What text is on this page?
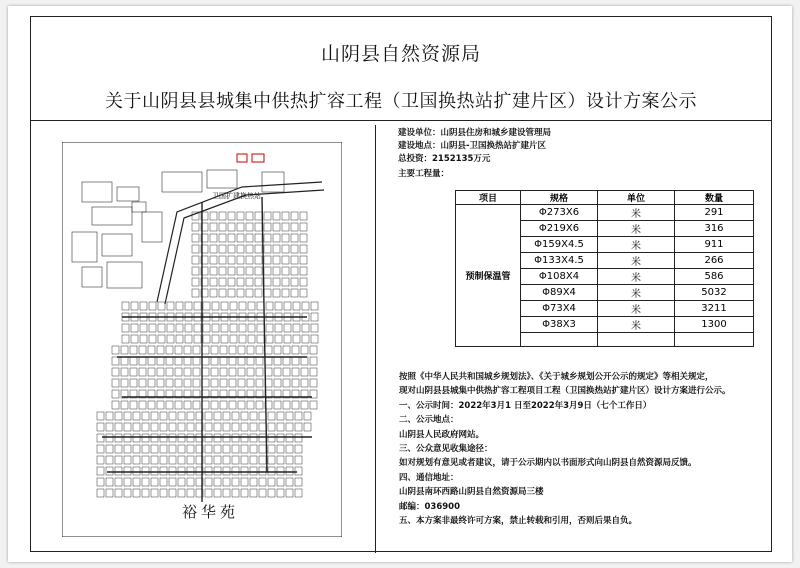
山阴县自然资源局
关于山阴县县城集中供热扩容工程（卫国换热站扩建片区）设计方案公示
卫国扩建换热站
裕华苑
建设单位：山阴县住房和城乡建设管理局
建设地点：山阴县-卫国换热站扩建片区
总投资：2152135万元
主要工程量：
项目	规格	单位	数量
预制保温管	Φ273X6	米	291
	Φ219X6	米	316
	Φ159X4.5	米	911
	Φ133X4.5	米	266
	Φ108X4	米	586
	Φ89X4	米	5032
	Φ73X4	米	3211
	Φ38X3	米	1300

按照《中华人民共和国城乡规划法》、《关于城乡规划公开公示的规定》等相关规定，
现对山阴县县城集中供热扩容工程项目工程（卫国换热站扩建片区）设计方案进行公示。
一、公示时间：2022年3月1 日至2022年3月9日（七个工作日）
二、公示地点：
山阴县人民政府网站。
三、公众意见收集途径：
如对规划有意见或者建议，请于公示期内以书面形式向山阴县自然资源局反馈。
四、通信地址：
山阴县南环西路山阴县自然资源局三楼
邮编：036900
五、本方案非最终许可方案，禁止转载和引用，否则后果自负。
